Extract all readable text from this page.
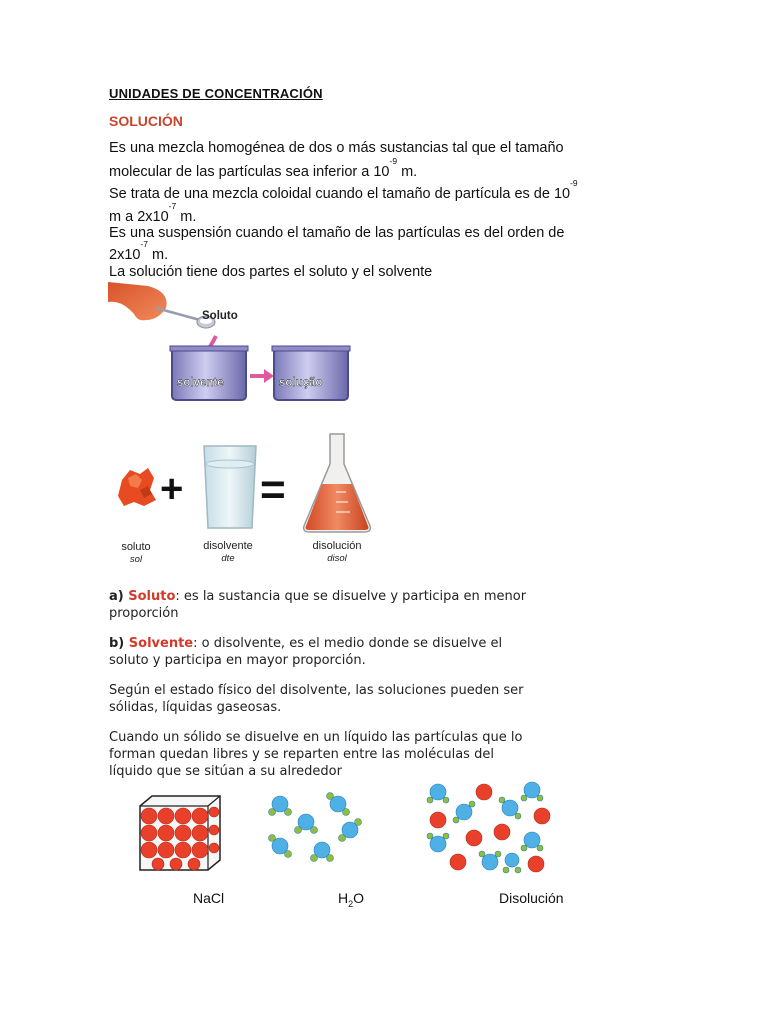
UNIDADES DE CONCENTRACIÓN
SOLUCIÓN
Es una mezcla homogénea de dos o más sustancias tal que el tamaño
molecular de las partículas sea inferior a $10^{-9}$ m.
Se trata de una mezcla coloidal cuando el tamaño de partícula es de $10^{-9}$
m a $2x10^{-7}$ m.
Es una suspensión cuando el tamaño de las partículas es del orden de
$2x10^{-7}$ m.
La solución tiene dos partes el soluto y el solvente
Soluto
solvente	solução
+ =
soluto
sol
disolvente
dte
disolución
disol
a) Soluto: es la sustancia que se disuelve y participa en menor
proporción
b) Solvente: o disolvente, es el medio donde se disuelve el
soluto y participa en mayor proporción.
Según el estado físico del disolvente, las soluciones pueden ser
sólidas, líquidas gaseosas.
Cuando un sólido se disuelve en un líquido las partículas que lo
forman quedan libres y se reparten entre las moléculas del
líquido que se sitúan a su alrededor
NaCl	$H_2O$	Disolución
